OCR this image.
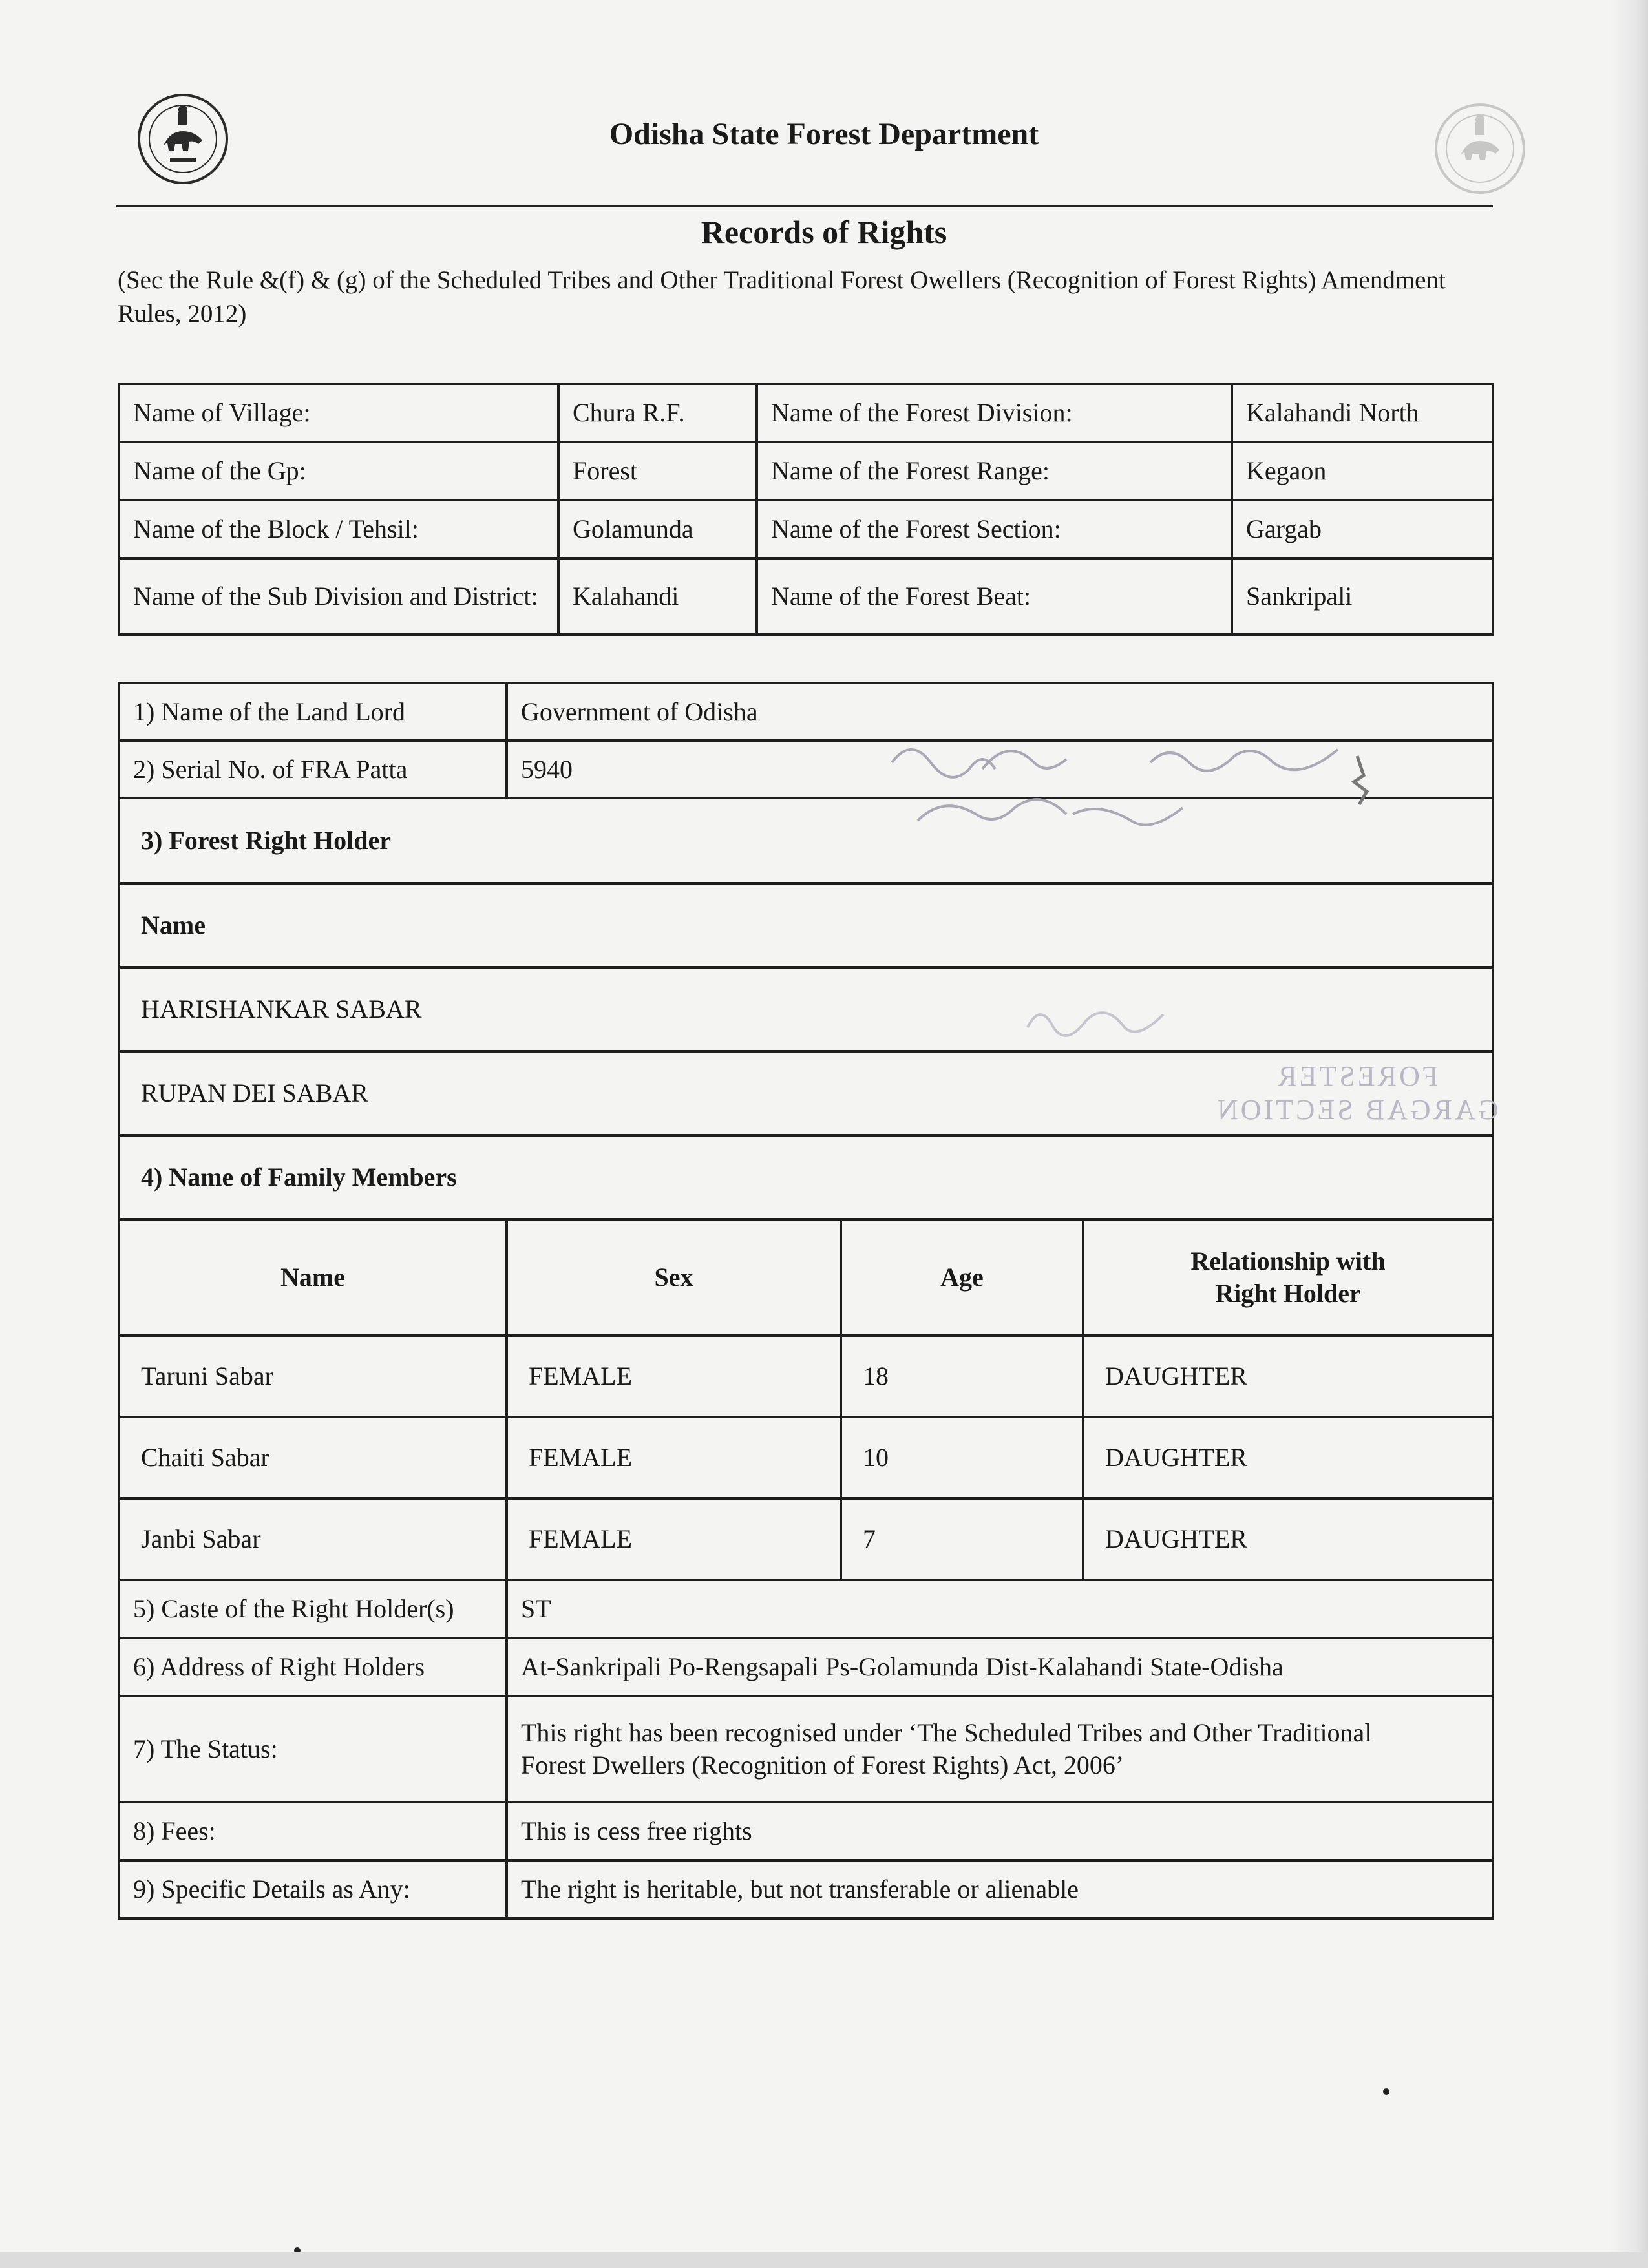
Odisha State Forest Department
Records of Rights
(Sec the Rule &(f) & (g) of the Scheduled Tribes and Other Traditional Forest Owellers (Recognition of Forest Rights) Amendment Rules, 2012)
Name of Village:	Chura R.F.	Name of the Forest Division:	Kalahandi North
Name of the Gp:	Forest	Name of the Forest Range:	Kegaon
Name of the Block / Tehsil:	Golamunda	Name of the Forest Section:	Gargab
Name of the Sub Division and District:	Kalahandi	Name of the Forest Beat:	Sankripali
1) Name of the Land Lord	Government of Odisha		
2) Serial No. of FRA Patta	5940		
3) Forest Right Holder			
Name			
HARISHANKAR SABAR			
RUPAN DEI SABAR			
4) Name of Family Members			
Name	Sex	Age	Relationship with Right Holder
Taruni Sabar	FEMALE	18	DAUGHTER
Chaiti Sabar	FEMALE	10	DAUGHTER
Janbi Sabar	FEMALE	7	DAUGHTER
5) Caste of the Right Holder(s)	ST		
6) Address of Right Holders	At-Sankripali Po-Rengsapali Ps-Golamunda Dist-Kalahandi State-Odisha		
7) The Status:	This right has been recognised under ‘The Scheduled Tribes and Other Traditional Forest Dwellers (Recognition of Forest Rights) Act, 2006’		
8) Fees:	This is cess free rights		
9) Specific Details as Any:	The right is heritable, but not transferable or alienable		
FORESTER
GARGAB SECTION
